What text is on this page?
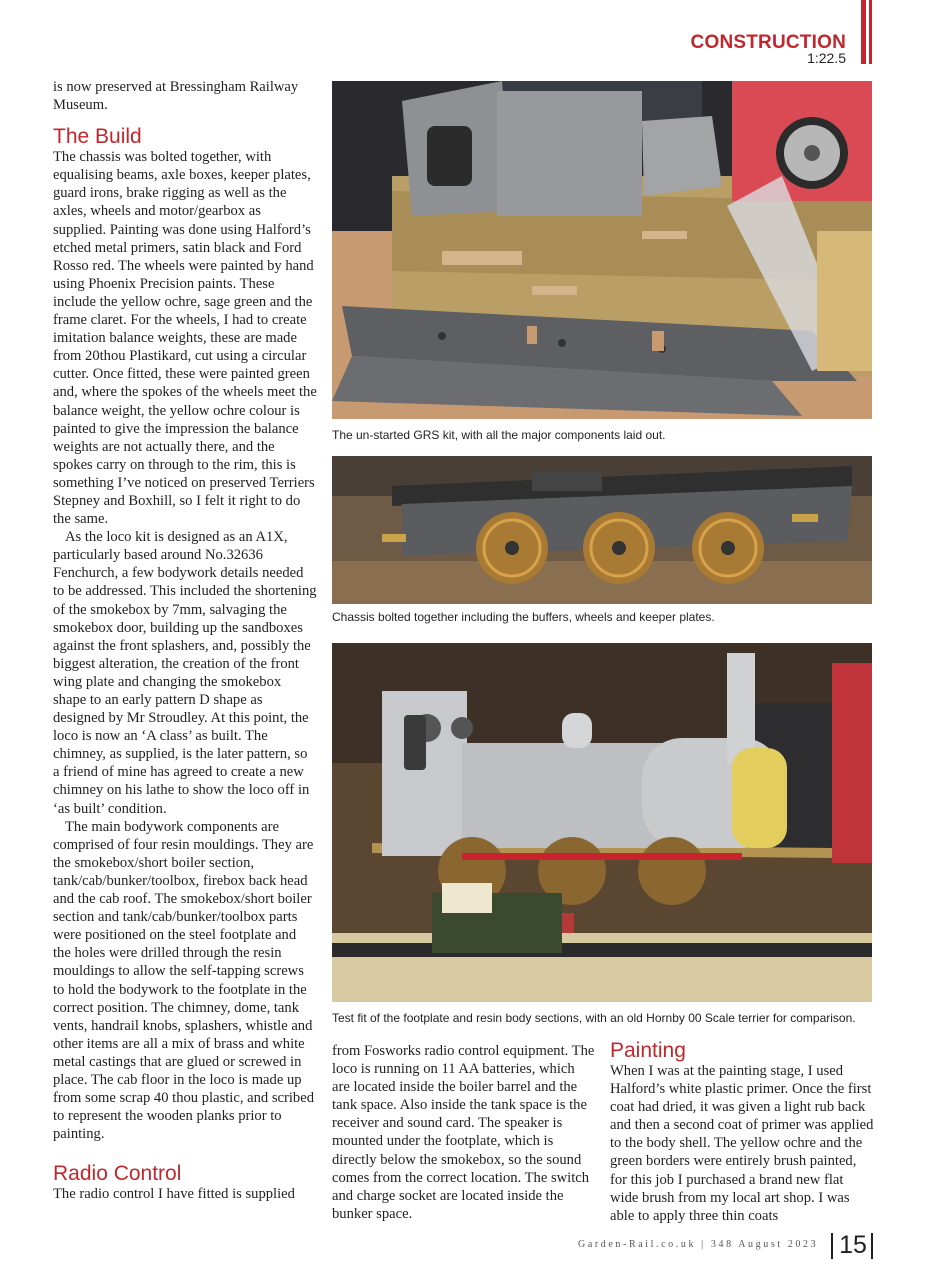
CONSTRUCTION
1:22.5

is now preserved at Bressingham Railway Museum.

The Build

The chassis was bolted together, with equalising beams, axle boxes, keeper plates, guard irons, brake rigging as well as the axles, wheels and motor/gearbox as supplied. Painting was done using Halford’s etched metal primers, satin black and Ford Rosso red. The wheels were painted by hand using Phoenix Precision paints. These include the yellow ochre, sage green and the frame claret. For the wheels, I had to create imitation balance weights, these are made from 20thou Plastikard, cut using a circular cutter. Once fitted, these were painted green and, where the spokes of the wheels meet the balance weight, the yellow ochre colour is painted to give the impression the balance weights are not actually there, and the spokes carry on through to the rim, this is something I’ve noticed on preserved Terriers Stepney and Boxhill, so I felt it right to do the same.

As the loco kit is designed as an A1X, particularly based around No.32636 Fenchurch, a few bodywork details needed to be addressed. This included the shortening of the smokebox by 7mm, salvaging the smokebox door, building up the sandboxes against the front splashers, and, possibly the biggest alteration, the creation of the front wing plate and changing the smokebox shape to an early pattern D shape as designed by Mr Stroudley. At this point, the loco is now an ‘A class’ as built. The chimney, as supplied, is the later pattern, so a friend of mine has agreed to create a new chimney on his lathe to show the loco off in ‘as built’ condition.

The main bodywork components are comprised of four resin mouldings. They are the smokebox/short boiler section, tank/cab/bunker/toolbox, firebox back head and the cab roof. The smokebox/short boiler section and tank/cab/bunker/toolbox parts were positioned on the steel footplate and the holes were drilled through the resin mouldings to allow the self-tapping screws to hold the bodywork to the footplate in the correct position. The chimney, dome, tank vents, handrail knobs, splashers, whistle and other items are all a mix of brass and white metal castings that are glued or screwed in place. The cab floor in the loco is made up from some scrap 40 thou plastic, and scribed to represent the wooden planks prior to painting.

Radio Control

The radio control I have fitted is supplied

The un-started GRS kit, with all the major components laid out.
Chassis bolted together including the buffers, wheels and keeper plates.
Test fit of the footplate and resin body sections, with an old Hornby 00 Scale terrier for comparison.

from Fosworks radio control equipment. The loco is running on 11 AA batteries, which are located inside the boiler barrel and the tank space. Also inside the tank space is the receiver and sound card. The speaker is mounted under the footplate, which is directly below the smokebox, so the sound comes from the correct location. The switch and charge socket are located inside the bunker space.

Painting

When I was at the painting stage, I used Halford’s white plastic primer. Once the first coat had dried, it was given a light rub back and then a second coat of primer was applied to the body shell. The yellow ochre and the green borders were entirely brush painted, for this job I purchased a brand new flat wide brush from my local art shop. I was able to apply three thin coats

Garden-Rail.co.uk | 348 August 2023 15
